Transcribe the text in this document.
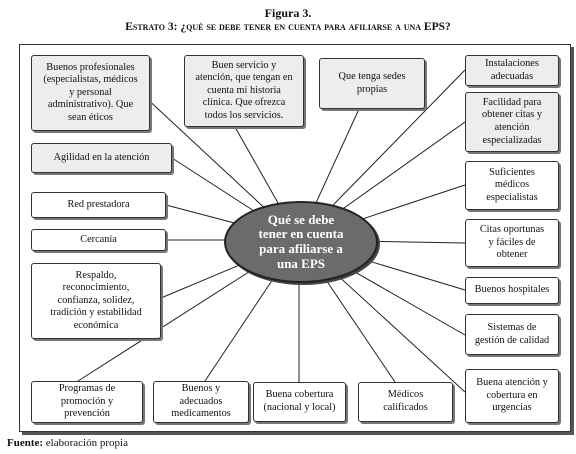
Figura 3.
Estrato 3: ¿qué se debe tener en cuenta para afiliarse a una EPS?
Buenos profesionales
(especialistas, médicos
y personal
administrativo). Que
sean éticos
Agilidad en la atención
Red prestadora
Cercanía
Respaldo,
reconocimiento,
confianza, solidez,
tradición y estabilidad
económica
Buen servicio y
atención, que tengan en
cuenta mi historia
clínica. Que ofrezca
todos los servicios.
Que tenga sedes
propias
Instalaciones
adecuadas
Facilidad para
obtener citas y
atención
especializadas
Suficientes
médicos
especialistas
Citas oportunas
y fáciles de
obtener
Buenos hospitales
Sistemas de
gestión de calidad
Buena atención y
cobertura en
urgencias
Programas de
promoción y
prevención
Buenos y
adecuados
medicamentos
Buena cobertura
(nacional y local)
Médicos
calificados
Qué se debe
tener en cuenta
para afiliarse a
una EPS
Fuente: elaboración propia
